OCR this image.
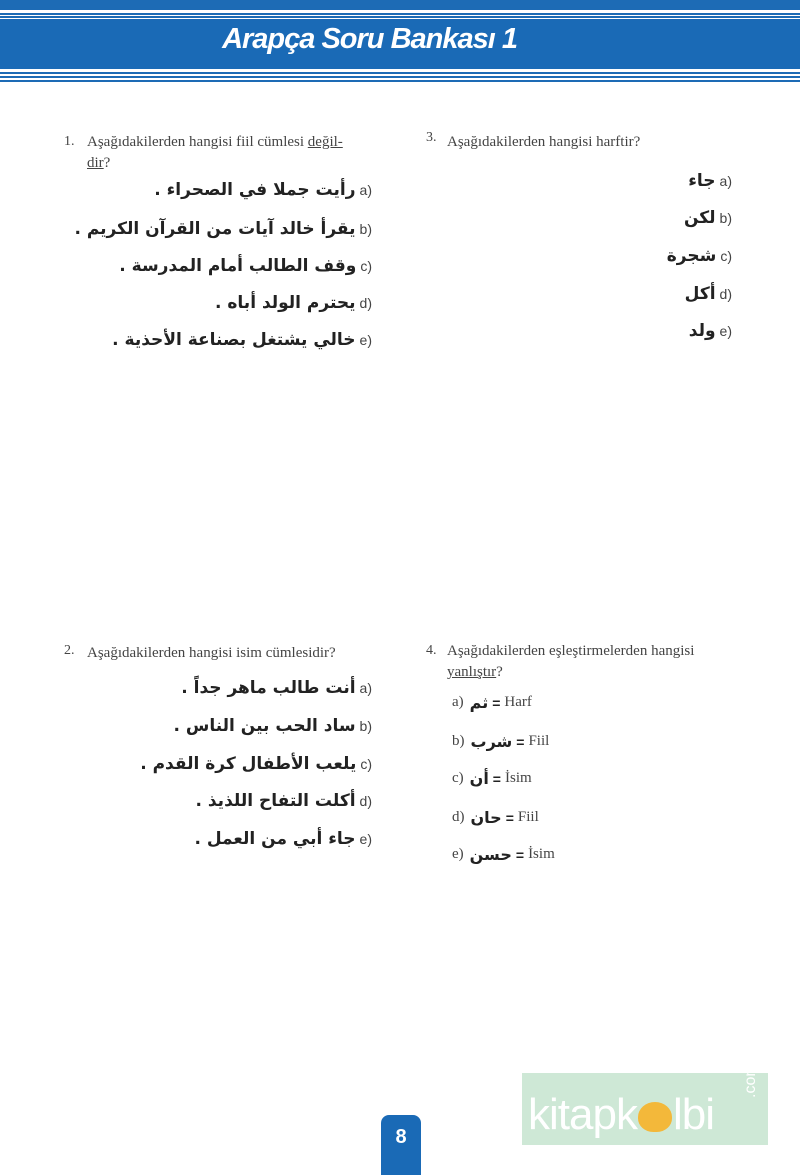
Arapça Soru Bankası 1
1. Aşağıdakilerden hangisi fiil cümlesi değil-
dir?
رأيت جملا في الصحراء . a)
يقرأ خالد آيات من القرآن الكريم . b)
وقف الطالب أمام المدرسة . c)
يحترم الولد أباه . d)
خالي يشتغل بصناعة الأحذية . e)
3. Aşağıdakilerden hangisi harftir?
جاء a)
لكن b)
شجرة c)
أكل d)
ولد e)
2. Aşağıdakilerden hangisi isim cümlesidir?
أنت طالب ماهر جداً . a)
ساد الحب بين الناس . b)
يلعب الأطفال كرة القدم . c)
أكلت التفاح اللذيذ . d)
جاء أبي من العمل . e)
4. Aşağıdakilerden eşleştirmelerden hangisi
yanlıştır?
a) ثم = Harf
b) شرب = Fiil
c) أن = İsim
d) حان = Fiil
e) حسن = İsim
kitapk lbi
.com
8
